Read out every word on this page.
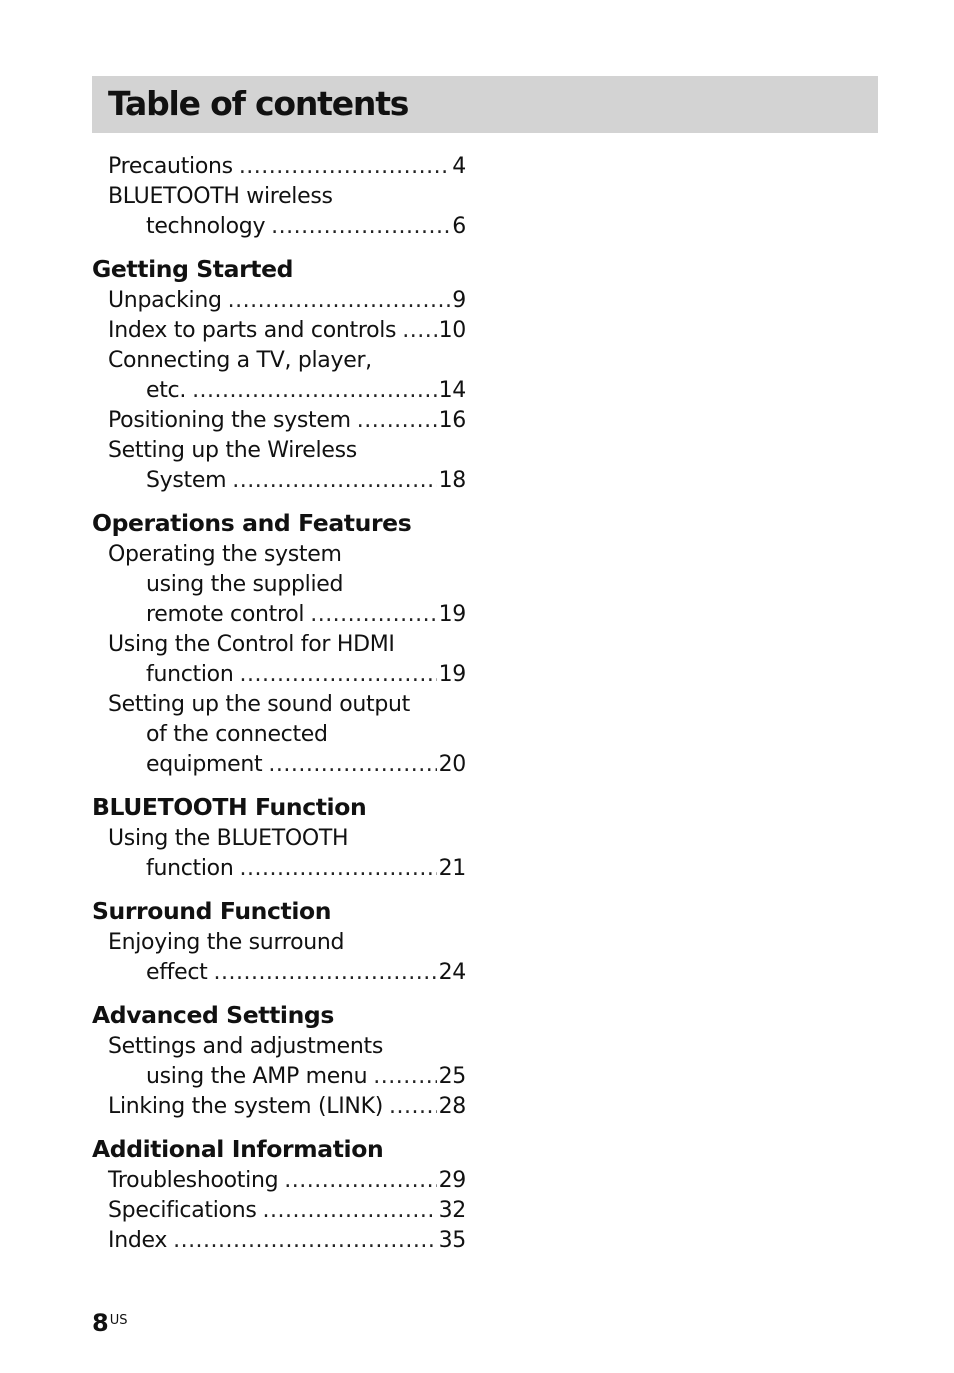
Table of contents
Precautions .....	4
BLUETOOTH wireless
technology .....	6
Getting Started
Unpacking .....	9
Index to parts and controls ..... 10
Connecting a TV, player,
etc. .....	14
Positioning the system .....	16
Setting up the Wireless
System .....	18
Operations and Features
Operating the system
using the supplied
remote control .....	19
Using the Control for HDMI
function .....	19
Setting up the sound output
of the connected
equipment .....	20
BLUETOOTH Function
Using the BLUETOOTH
function .....	21
Surround Function
Enjoying the surround
effect .....	24
Advanced Settings
Settings and adjustments
using the AMP menu .....	25
Linking the system (LINK) .....	28
Additional Information
Troubleshooting .....	29
Specifications .....	32
Index .....	35
$8^{US}$
